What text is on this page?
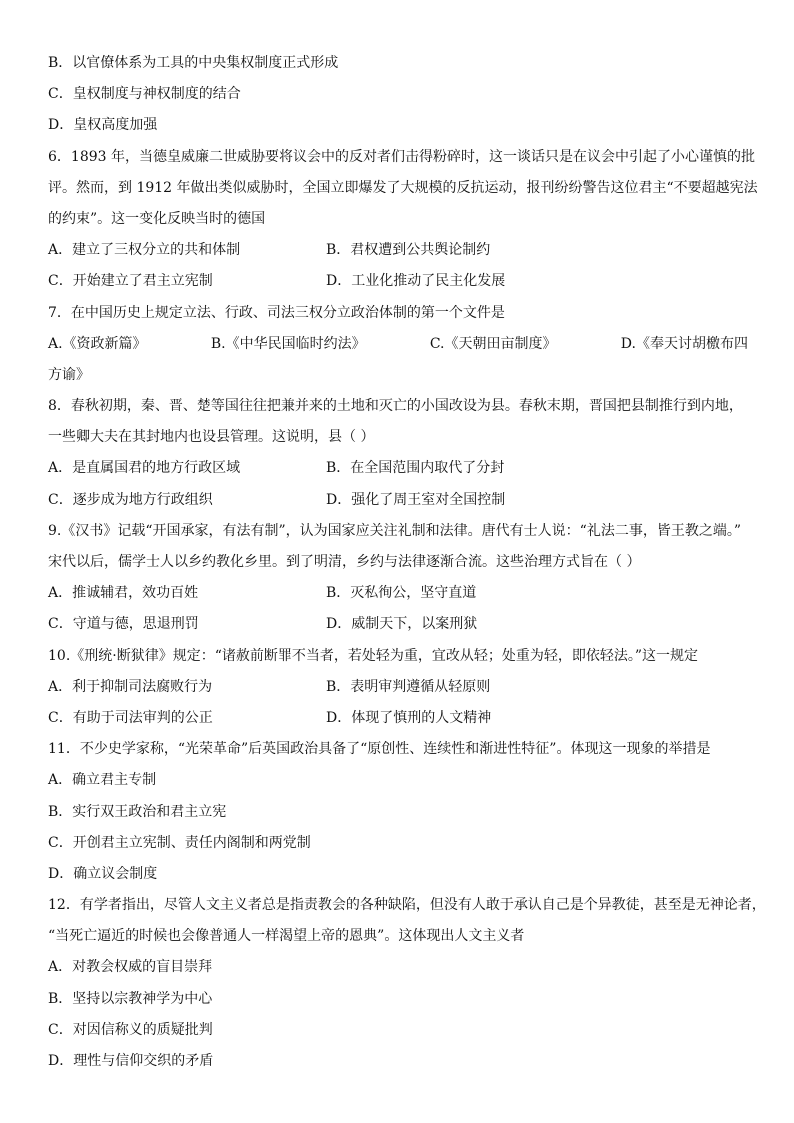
B．以官僚体系为工具的中央集权制度正式形成
C．皇权制度与神权制度的结合
D．皇权高度加强
6．1893 年，当德皇威廉二世威胁要将议会中的反对者们击得粉碎时，这一谈话只是在议会中引起了小心谨慎的批
评。然而，到 1912 年做出类似威胁时，全国立即爆发了大规模的反抗运动，报刊纷纷警告这位君主“不要超越宪法
的约束”。这一变化反映当时的德国
A．建立了三权分立的共和体制	B．君权遭到公共舆论制约
C．开始建立了君主立宪制	D．工业化推动了民主化发展
7．在中国历史上规定立法、行政、司法三权分立政治体制的第一个文件是
A.《资政新篇》	B.《中华民国临时约法》	C.《天朝田亩制度》	D.《奉天讨胡檄布四
方谕》
8．春秋初期，秦、晋、楚等国往往把兼并来的土地和灭亡的小国改设为县。春秋末期，晋国把县制推行到内地，
一些卿大夫在其封地内也设县管理。这说明，县（ ）
A．是直属国君的地方行政区域	B．在全国范围内取代了分封
C．逐步成为地方行政组织	D．强化了周王室对全国控制
9.《汉书》记载“开国承家，有法有制”，认为国家应关注礼制和法律。唐代有士人说：“礼法二事，皆王教之端。”
宋代以后，儒学士人以乡约教化乡里。到了明清，乡约与法律逐渐合流。这些治理方式旨在（ ）
A．推诚辅君，效功百姓	B．灭私徇公，坚守直道
C．守道与德，思退刑罚	D．威制天下，以案刑狱
10.《刑统·断狱律》规定：“诸赦前断罪不当者，若处轻为重，宜改从轻；处重为轻，即依轻法。”这一规定
A．利于抑制司法腐败行为	B．表明审判遵循从轻原则
C．有助于司法审判的公正	D．体现了慎刑的人文精神
11．不少史学家称，“光荣革命”后英国政治具备了“原创性、连续性和渐进性特征”。体现这一现象的举措是
A．确立君主专制
B．实行双王政治和君主立宪
C．开创君主立宪制、责任内阁制和两党制
D．确立议会制度
12．有学者指出，尽管人文主义者总是指责教会的各种缺陷，但没有人敢于承认自己是个异教徒，甚至是无神论者，
“当死亡逼近的时候也会像普通人一样渴望上帝的恩典”。这体现出人文主义者
A．对教会权威的盲目崇拜
B．坚持以宗教神学为中心
C．对因信称义的质疑批判
D．理性与信仰交织的矛盾
